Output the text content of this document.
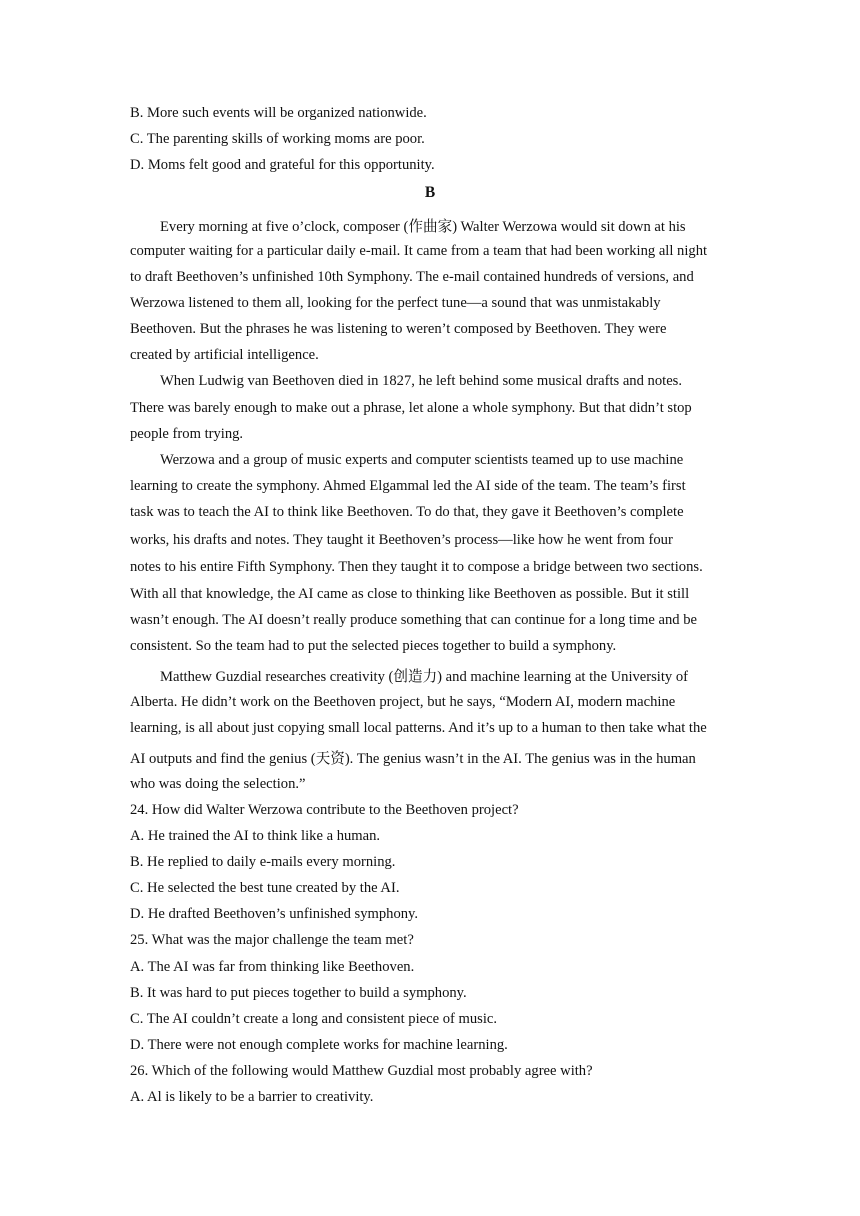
B. More such events will be organized nationwide.
C. The parenting skills of working moms are poor.
D. Moms felt good and grateful for this opportunity.
B
Every morning at five o’clock, composer (作曲家) Walter Werzowa would sit down at his
computer waiting for a particular daily e-mail. It came from a team that had been working all night
to draft Beethoven’s unfinished 10th Symphony. The e-mail contained hundreds of versions, and
Werzowa listened to them all, looking for the perfect tune—a sound that was unmistakably
Beethoven. But the phrases he was listening to weren’t composed by Beethoven. They were
created by artificial intelligence.
When Ludwig van Beethoven died in 1827, he left behind some musical drafts and notes.
There was barely enough to make out a phrase, let alone a whole symphony. But that didn’t stop
people from trying.
Werzowa and a group of music experts and computer scientists teamed up to use machine
learning to create the symphony. Ahmed Elgammal led the AI side of the team. The team’s first
task was to teach the AI to think like Beethoven. To do that, they gave it Beethoven’s complete
works, his drafts and notes. They taught it Beethoven’s process—like how he went from four
notes to his entire Fifth Symphony. Then they taught it to compose a bridge between two sections.
With all that knowledge, the AI came as close to thinking like Beethoven as possible. But it still
wasn’t enough. The AI doesn’t really produce something that can continue for a long time and be
consistent. So the team had to put the selected pieces together to build a symphony.
Matthew Guzdial researches creativity (创造力) and machine learning at the University of
Alberta. He didn’t work on the Beethoven project, but he says, “Modern AI, modern machine
learning, is all about just copying small local patterns. And it’s up to a human to then take what the
AI outputs and find the genius (天资). The genius wasn’t in the AI. The genius was in the human
who was doing the selection.”
24. How did Walter Werzowa contribute to the Beethoven project?
A. He trained the AI to think like a human.
B. He replied to daily e-mails every morning.
C. He selected the best tune created by the AI.
D. He drafted Beethoven’s unfinished symphony.
25. What was the major challenge the team met?
A. The AI was far from thinking like Beethoven.
B. It was hard to put pieces together to build a symphony.
C. The AI couldn’t create a long and consistent piece of music.
D. There were not enough complete works for machine learning.
26. Which of the following would Matthew Guzdial most probably agree with?
A. Al is likely to be a barrier to creativity.
